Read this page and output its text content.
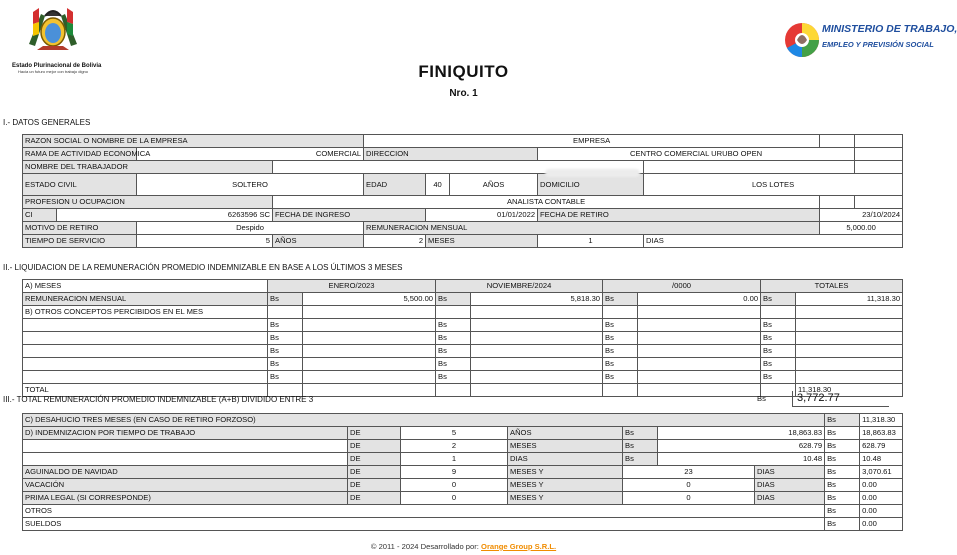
Estado Plurinacional de Bolivia
Hacia un futuro mejor con trabajo digno
MINISTERIO DE TRABAJO,
EMPLEO Y PREVISIÓN SOCIAL
FINIQUITO
Nro. 1
I.- DATOS GENERALES
RAZON SOCIAL O NOMBRE DE LA EMPRESA				EMPRESA						
RAMA DE ACTIVIDAD ECONOMICA		COMERCIAL		DIRECCION			CENTRO COMERCIAL URUBO OPEN			
NOMBRE DEL TRABAJADOR										
ESTADO CIVIL		SOLTERO		EDAD	40	AÑOS	DOMICILIO	LOS LOTES		
PROFESION U OCUPACION			ANALISTA CONTABLE							
CI	6263596 SC		FECHA DE INGRESO		01/01/2022		FECHA DE RETIRO		23/10/2024	
MOTIVO DE RETIRO		Despido		REMUNERACION MENSUAL					5,000.00	
TIEMPO DE SERVICIO		5	AÑOS	2	MESES		1	DIAS		
II.- LIQUIDACION DE LA REMUNERACIÓN PROMEDIO INDEMNIZABLE EN BASE A LOS ÚLTIMOS 3 MESES
A) MESES	ENERO/2023		NOVIEMBRE/2024		/0000		TOTALES	
REMUNERACION MENSUAL	Bs	5,500.00	Bs	5,818.30	Bs	0.00	Bs	11,318.30
B) OTROS CONCEPTOS PERCIBIDOS EN EL MES								
	Bs		Bs		Bs		Bs	
	Bs		Bs		Bs		Bs	
	Bs		Bs		Bs		Bs	
	Bs		Bs		Bs		Bs	
	Bs		Bs		Bs		Bs	
TOTAL								11,318.30
III.- TOTAL REMUNERACIÓN PROMEDIO INDEMNIZABLE (A+B) DIVIDIDO ENTRE 3	Bs	3,772.77
C) DESAHUCIO TRES MESES (EN CASO DE RETIRO FORZOSO)							Bs	11,318.30
D) INDEMNIZACION POR TIEMPO DE TRABAJO	DE	5	AÑOS	Bs	18,863.83		Bs	18,863.83
	DE	2	MESES	Bs	628.79		Bs	628.79
	DE	1	DIAS	Bs	10.48		Bs	10.48
AGUINALDO DE NAVIDAD	DE	9	MESES Y	23		DIAS	Bs	3,070.61
VACACIÓN	DE	0	MESES Y	0		DIAS	Bs	0.00
PRIMA LEGAL (SI CORRESPONDE)	DE	0	MESES Y	0		DIAS	Bs	0.00
OTROS							Bs	0.00
SUELDOS							Bs	0.00
© 2011 - 2024 Desarrollado por: Orange Group S.R.L.
